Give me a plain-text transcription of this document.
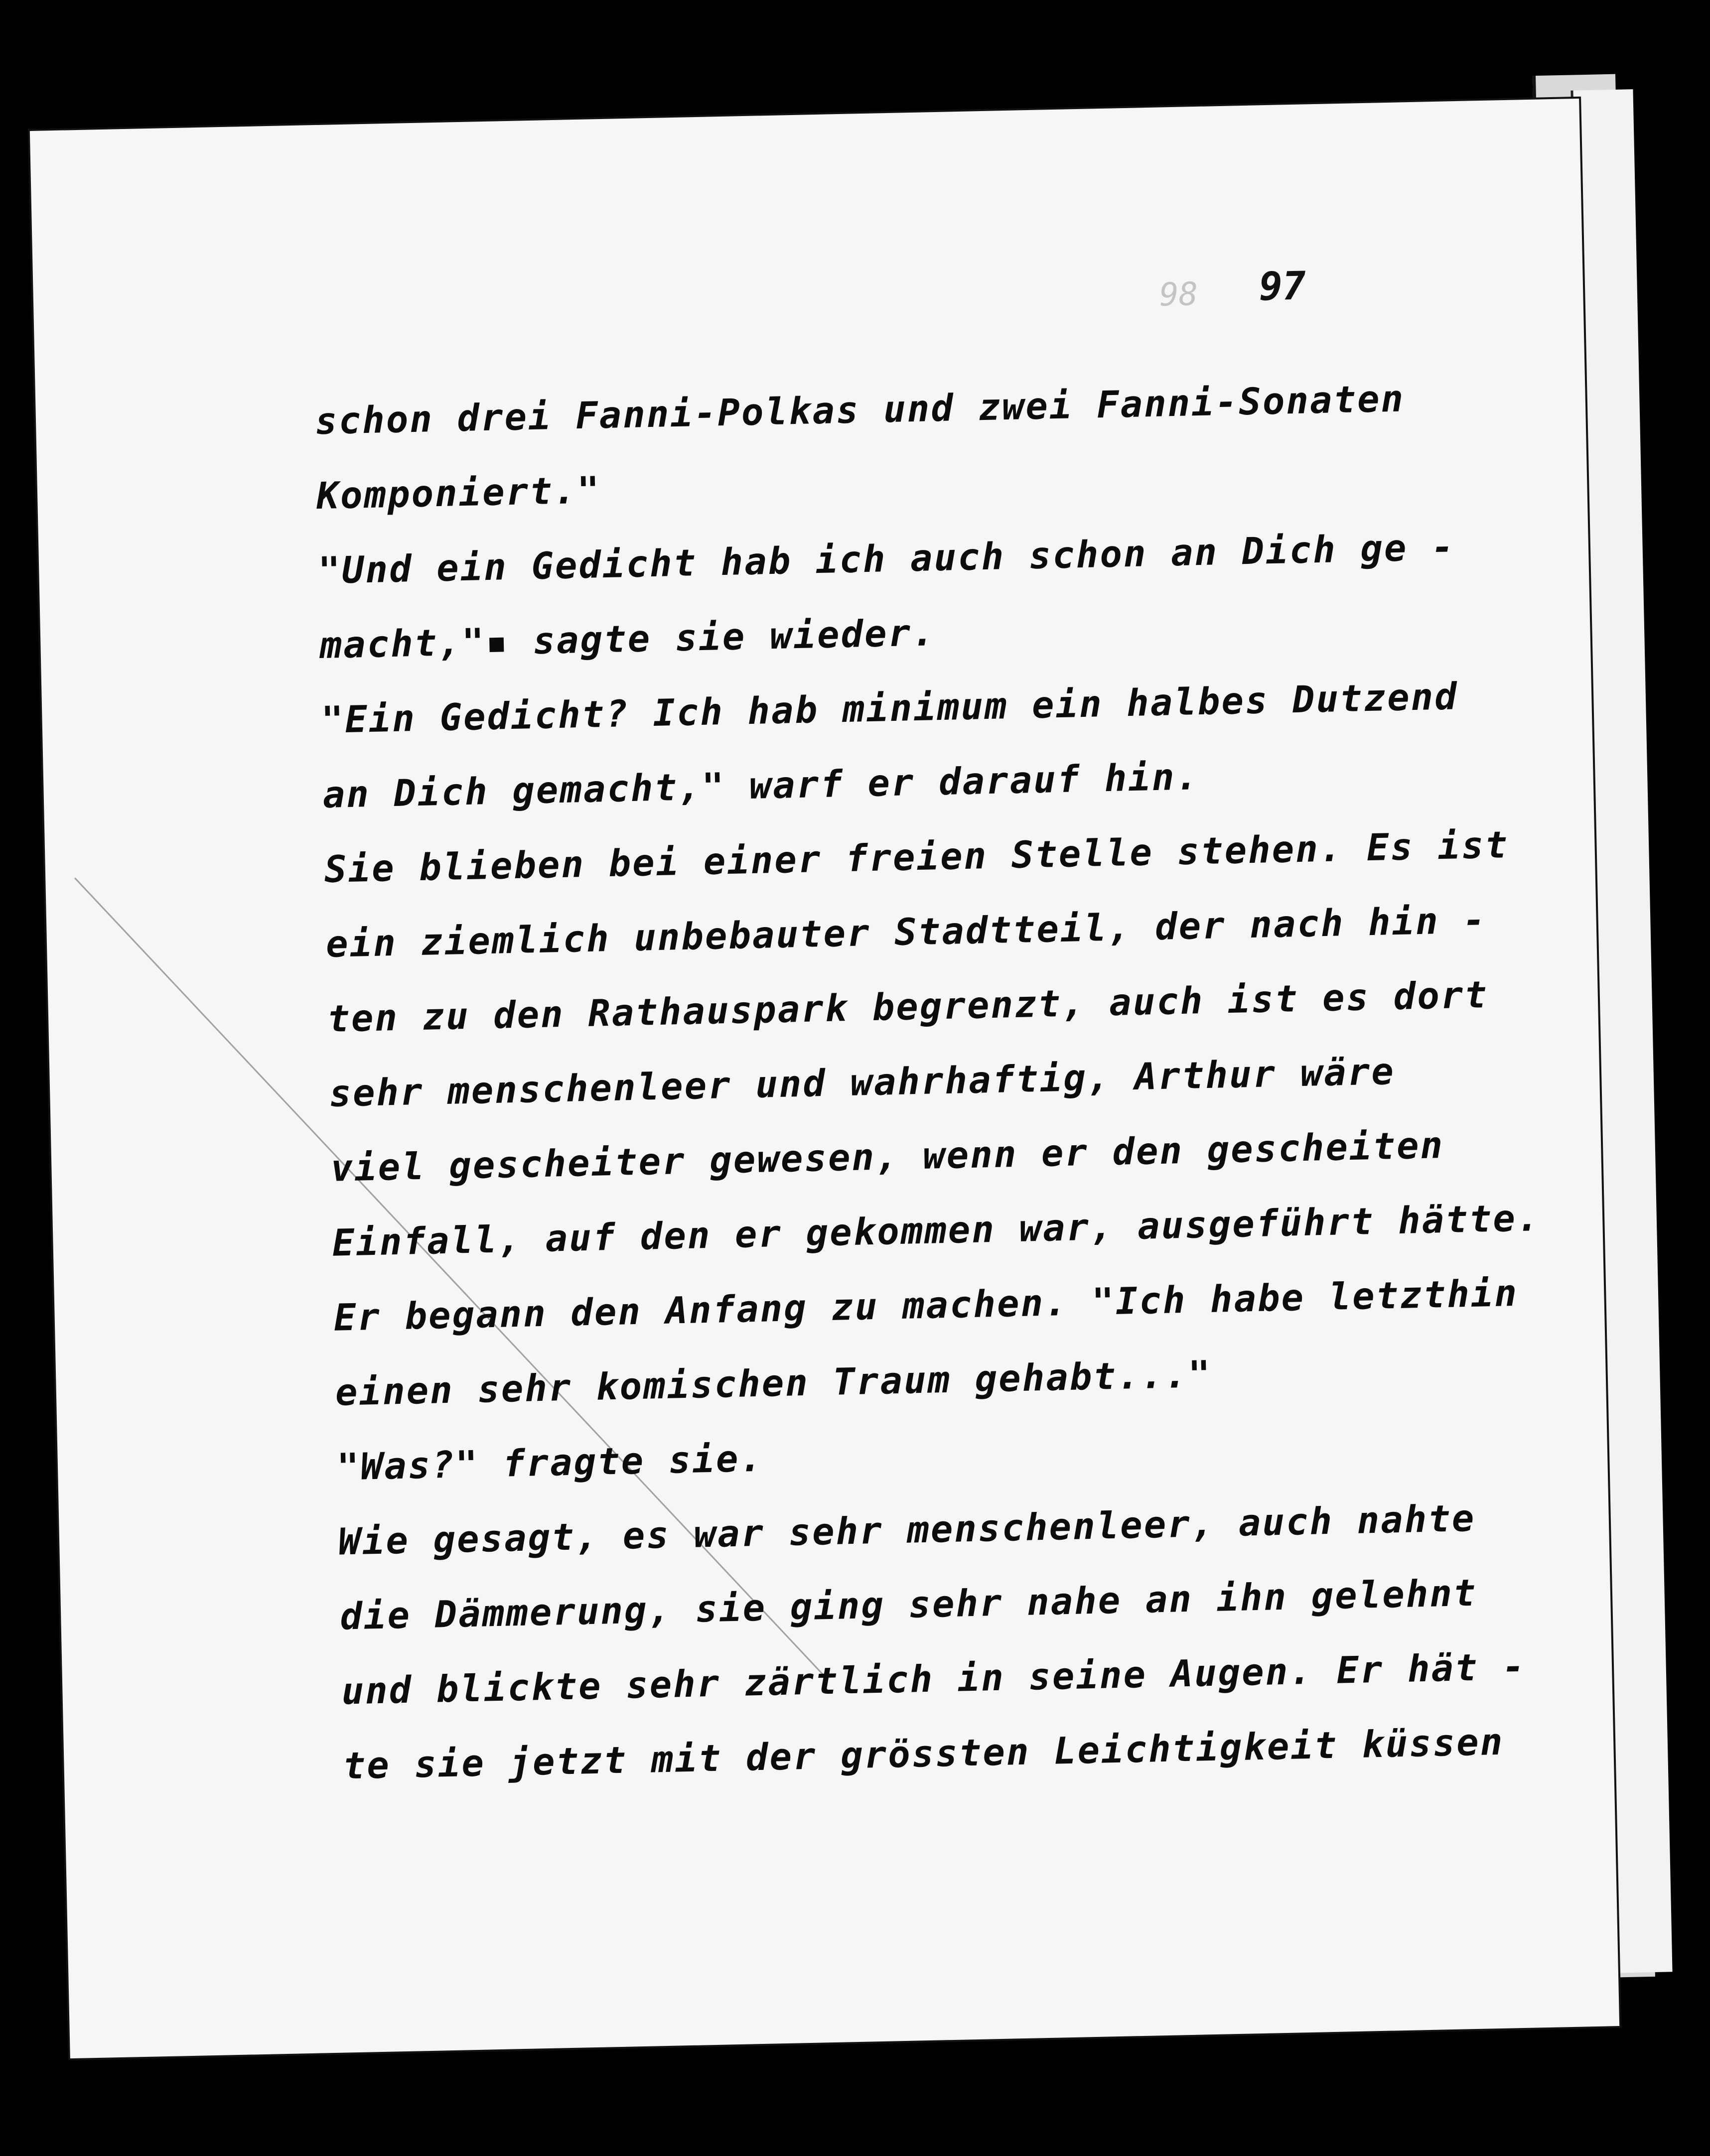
98 97
schon drei Fanni-Polkas und zwei Fanni-Sonaten
Komponiert."
"Und ein Gedicht hab ich auch schon an Dich ge -
macht,"▪ sagte sie wieder.
"Ein Gedicht? Ich hab minimum ein halbes Dutzend
an Dich gemacht," warf er darauf hin.
Sie blieben bei einer freien Stelle stehen. Es ist
ein ziemlich unbebauter Stadtteil, der nach hin -
ten zu den Rathauspark begrenzt, auch ist es dort
sehr menschenleer und wahrhaftig, Arthur wäre
viel gescheiter gewesen, wenn er den gescheiten
Einfall, auf den er gekommen war, ausgeführt hätte.
Er begann den Anfang zu machen. "Ich habe letzthin
einen sehr komischen Traum gehabt..."
"Was?" fragte sie.
Wie gesagt, es war sehr menschenleer, auch nahte
die Dämmerung, sie ging sehr nahe an ihn gelehnt
und blickte sehr zärtlich in seine Augen. Er hät -
te sie jetzt mit der grössten Leichtigkeit küssen
